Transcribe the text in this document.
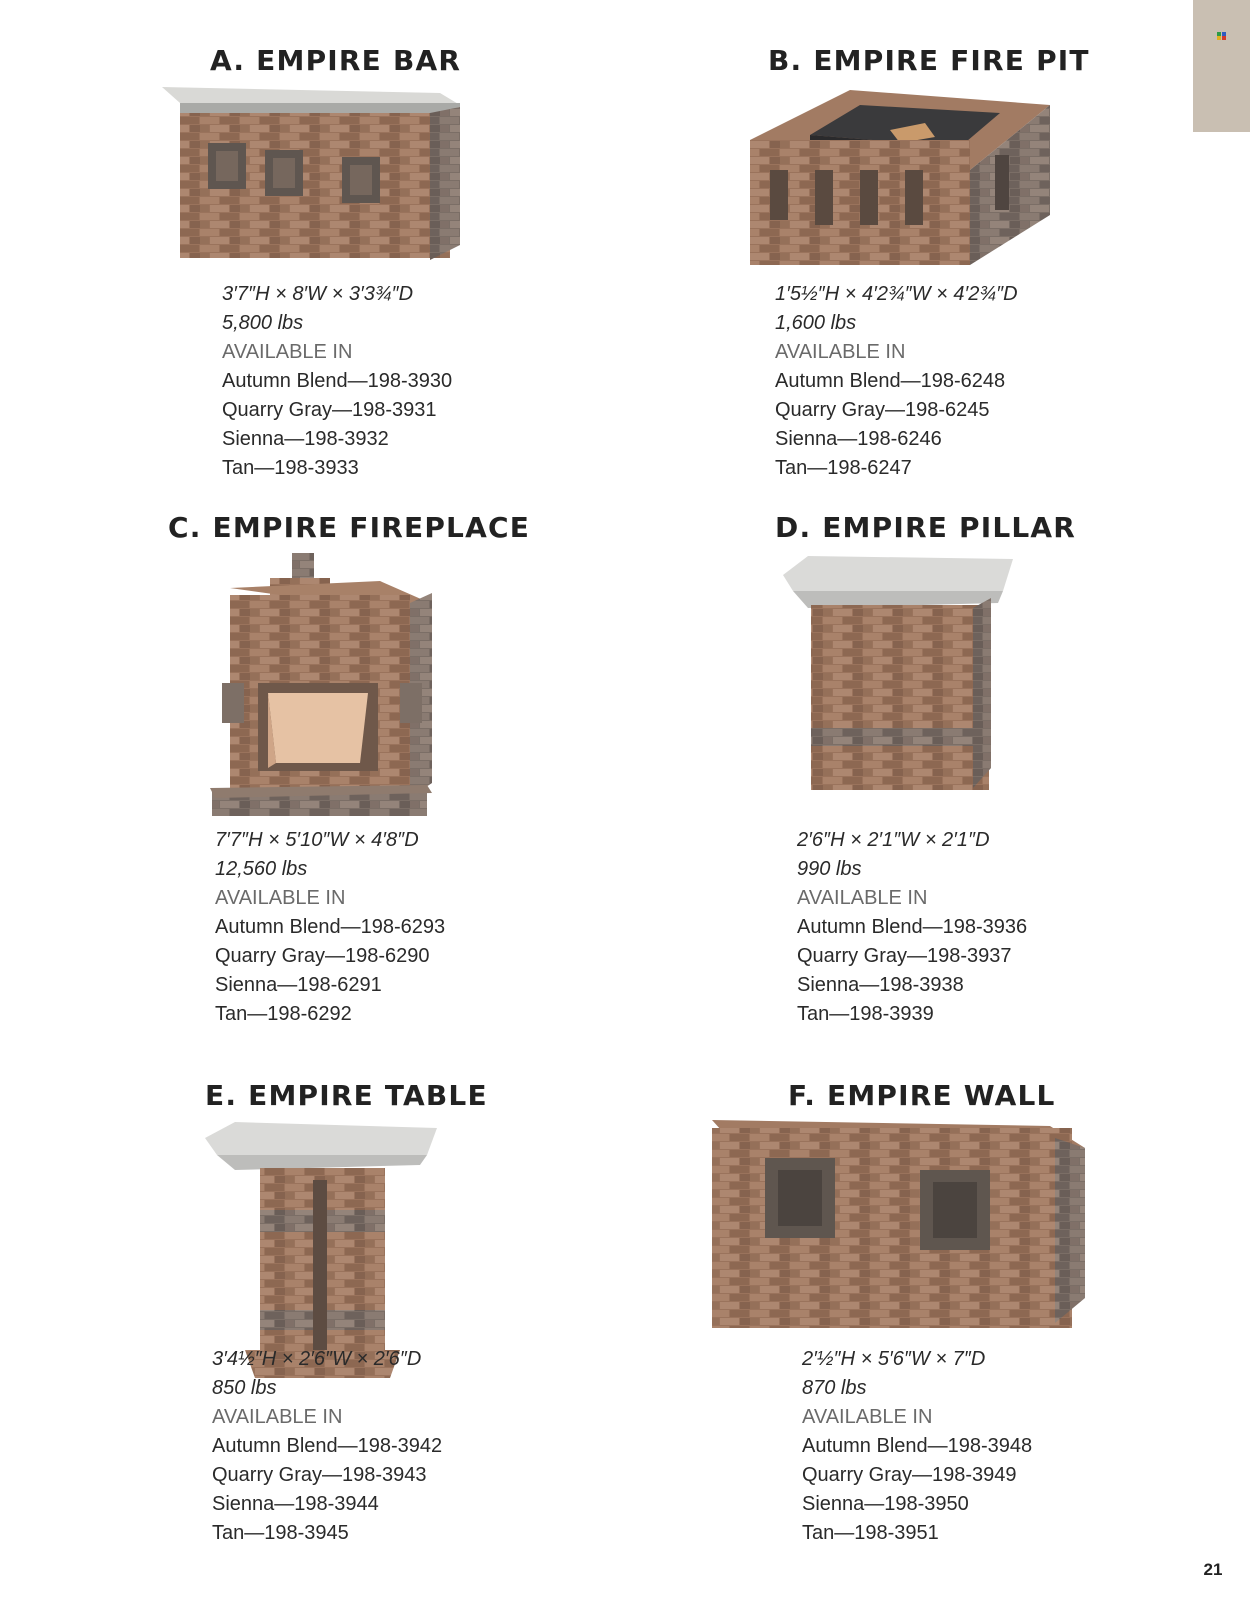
A. EMPIRE BAR
3′7″H × 8′W × 3′3¾″D
5,800 lbs
AVAILABLE IN
Autumn Blend—198-3930
Quarry Gray—198-3931
Sienna—198-3932
Tan—198-3933
B. EMPIRE FIRE PIT
1′5½″H × 4′2¾″W × 4′2¾″D
1,600 lbs
AVAILABLE IN
Autumn Blend—198-6248
Quarry Gray—198-6245
Sienna—198-6246
Tan—198-6247
C. EMPIRE FIREPLACE
7′7″H × 5′10″W × 4′8″D
12,560 lbs
AVAILABLE IN
Autumn Blend—198-6293
Quarry Gray—198-6290
Sienna—198-6291
Tan—198-6292
D. EMPIRE PILLAR
2′6″H × 2′1″W × 2′1″D
990 lbs
AVAILABLE IN
Autumn Blend—198-3936
Quarry Gray—198-3937
Sienna—198-3938
Tan—198-3939
E. EMPIRE TABLE
3′4½″H × 2′6″W × 2′6″D
850 lbs
AVAILABLE IN
Autumn Blend—198-3942
Quarry Gray—198-3943
Sienna—198-3944
Tan—198-3945
F. EMPIRE WALL
2′½″H × 5′6″W × 7″D
870 lbs
AVAILABLE IN
Autumn Blend—198-3948
Quarry Gray—198-3949
Sienna—198-3950
Tan—198-3951
21
